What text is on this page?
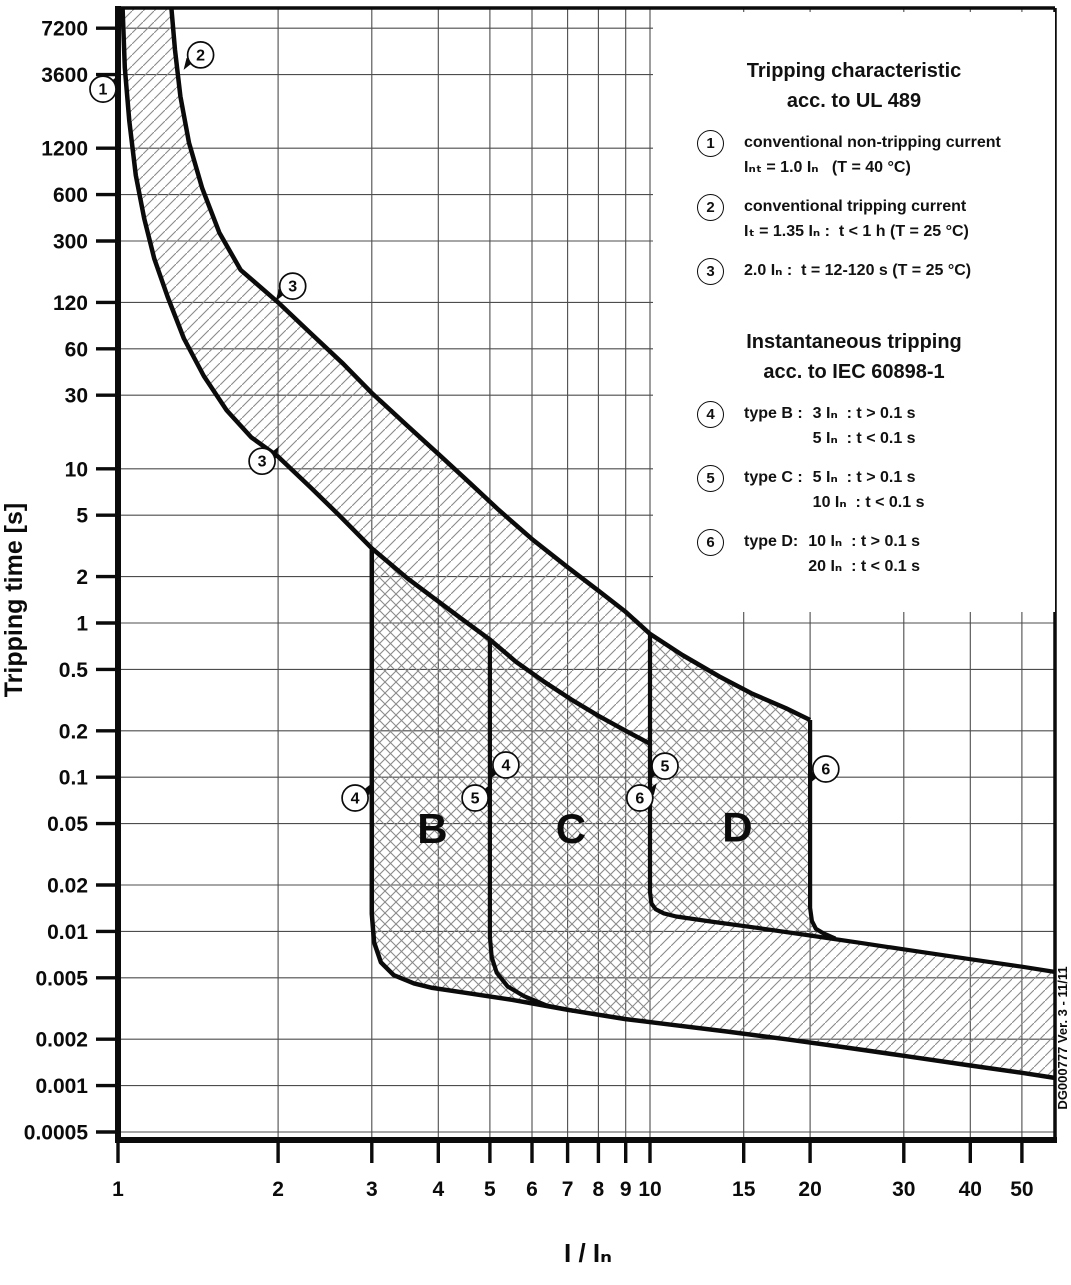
7200
3600
1200
600
300
120
60
30
10
5
2
1
0.5
0.2
0.1
0.05
0.02
0.01
0.005
0.002
0.001
0.0005
1	2	3	4 5 6 7 8 9 10	15 20	30 40 50
B	C	D
1
2
3
3
4
4
5
5
6
6
Tripping time [s]
I / Iₙ
DG000777 Ver. 3 - 11/11
Tripping characteristic
acc. to UL 489
1	conventional non-tripping current
Iₙₜ = 1.0 Iₙ   (T = 40 °C)
2	conventional tripping current
Iₜ = 1.35 Iₙ :  t < 1 h (T = 25 °C)
3	2.0 Iₙ :  t = 12-120 s (T = 25 °C)
Instantaneous tripping
acc. to IEC 60898-1
4	type B : 3 Iₙ  : t > 0.1 s
5 Iₙ  : t < 0.1 s
5	type C : 5 Iₙ  : t > 0.1 s
10 Iₙ  : t < 0.1 s
6	type D: 10 Iₙ  : t > 0.1 s
20 Iₙ  : t < 0.1 s
